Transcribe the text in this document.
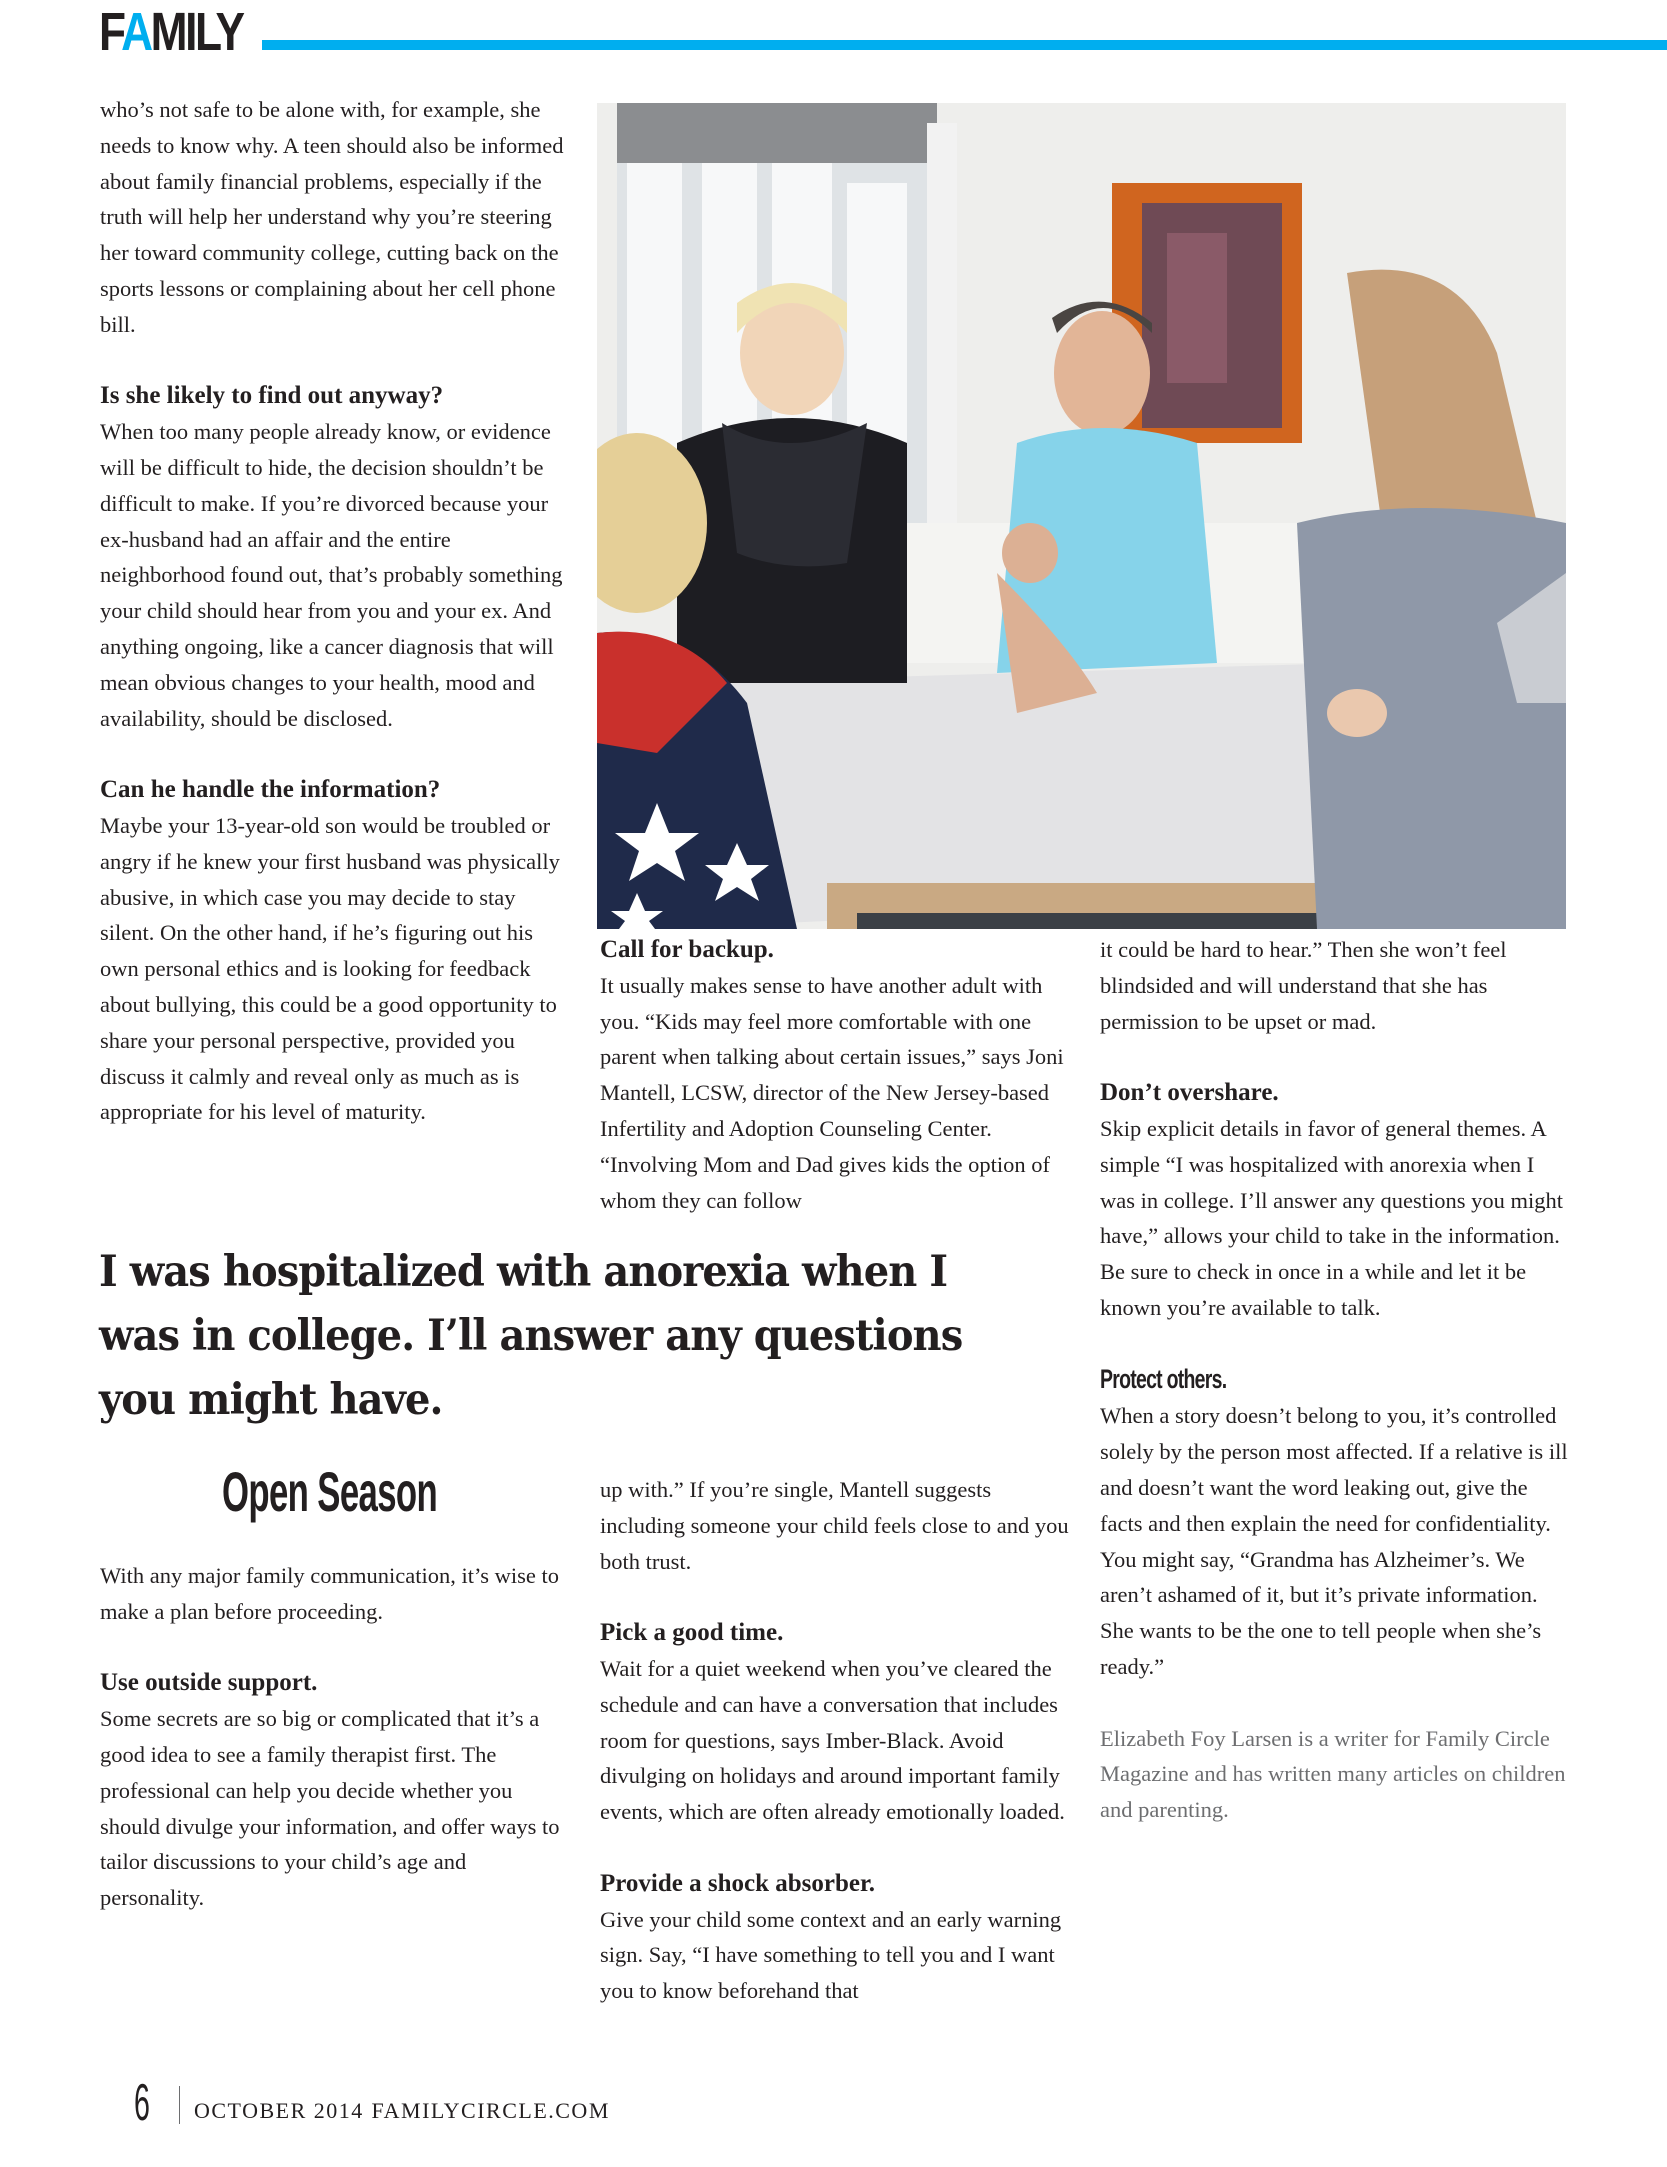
FAMILY

who’s not safe to be alone with, for example, she needs to know why. A teen should also be informed about family financial problems, especially if the truth will help her understand why you’re steering her toward community college, cutting back on the sports lessons or complaining about her cell phone bill.

Is she likely to find out anyway?

When too many people already know, or evidence will be difficult to hide, the decision shouldn’t be difficult to make. If you’re divorced because your ex-husband had an affair and the entire neighborhood found out, that’s probably something your child should hear from you and your ex. And anything ongoing, like a cancer diagnosis that will mean obvious changes to your health, mood and availability, should be disclosed.

Can he handle the information?

Maybe your 13-year-old son would be troubled or angry if he knew your first husband was physically abusive, in which case you may decide to stay silent. On the other hand, if he’s figuring out his own personal ethics and is looking for feedback about bullying, this could be a good opportunity to share your personal perspective, provided you discuss it calmly and reveal only as much as is appropriate for his level of maturity.

Call for backup.

It usually makes sense to have another adult with you. “Kids may feel more comfortable with one parent when talking about certain issues,” says Joni Mantell, LCSW, director of the New Jersey-based Infertility and Adoption Counseling Center. “Involving Mom and Dad gives kids the option of whom they can follow

it could be hard to hear.” Then she won’t feel blindsided and will understand that she has permission to be upset or mad.

Don’t overshare.

Skip explicit details in favor of general themes. A simple “I was hospitalized with anorexia when I was in college. I’ll answer any questions you might have,” allows your child to take in the information. Be sure to check in once in a while and let it be known you’re available to talk.

Protect others.

When a story doesn’t belong to you, it’s controlled solely by the person most affected. If a relative is ill and doesn’t want the word leaking out, give the facts and then explain the need for confidentiality. You might say, “Grandma has Alzheimer’s. We aren’t ashamed of it, but it’s private information. She wants to be the one to tell people when she’s ready.”

Elizabeth Foy Larsen is a writer for Family Circle Magazine and has written many articles on children and parenting.

I was hospitalized with anorexia when I was in college. I’ll answer any questions you might have.
Open Season

With any major family communication, it’s wise to make a plan before proceeding.

Use outside support.

Some secrets are so big or complicated that it’s a good idea to see a family therapist first. The professional can help you decide whether you should divulge your information, and offer ways to tailor discussions to your child’s age and personality.

up with.” If you’re single, Mantell suggests including someone your child feels close to and you both trust.

Pick a good time.

Wait for a quiet weekend when you’ve cleared the schedule and can have a conversation that includes room for questions, says Imber-Black. Avoid divulging on holidays and around important family events, which are often already emotionally loaded.

Provide a shock absorber.

Give your child some context and an early warning sign. Say, “I have something to tell you and I want you to know beforehand that

6 OCTOBER 2014 FAMILYCIRCLE.COM
